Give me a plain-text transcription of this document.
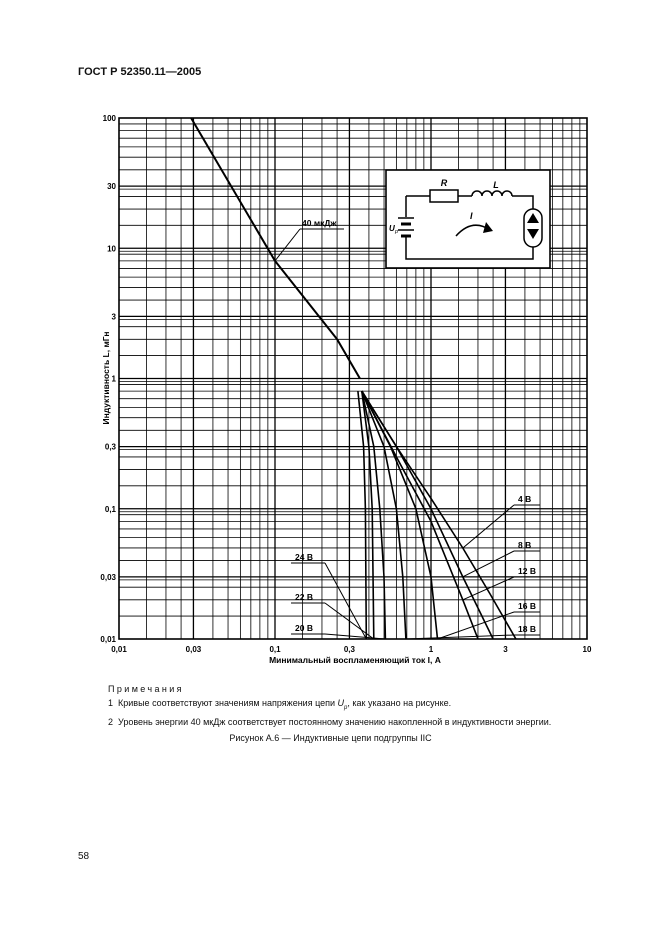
ГОСТ Р 52350.11—2005
0,01	0,03	0,1	0,3	1	3	10
100
30
10
3
1
0,3
0,1
0,03
0,01
40 мкДж
4 В
8 В
12 В
16 В
18 В
20 В
22 В
24 В
Минимальный воспламеняющий ток I, А
Индуктивность L, мГн
R	L
U p
I
Примечания
1 Кривые соответствуют значениям напряжения цепи $U_p$, как указано на рисунке.
2 Уровень энергии 40 мкДж соответствует постоянному значению накопленной в индуктивности энергии.
Рисунок А.6 — Индуктивные цепи подгруппы IIC
58
